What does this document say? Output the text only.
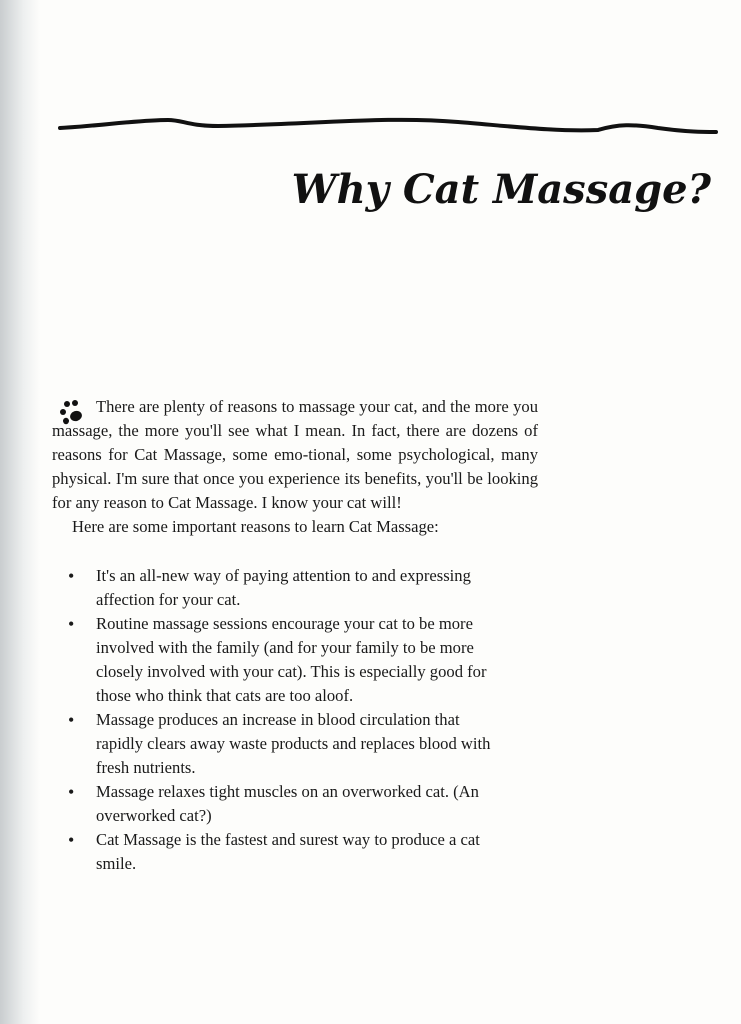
Why Cat Massage?

There are plenty of reasons to massage your cat, and the more you massage, the more you'll see what I mean. In fact, there are dozens of reasons for Cat Massage, some emo-tional, some psychological, many physical. I'm sure that once you experience its benefits, you'll be looking for any reason to Cat Massage. I know your cat will!

Here are some important reasons to learn Cat Massage:

• It's an all-new way of paying attention to and expressing affection for your cat.
• Routine massage sessions encourage your cat to be more involved with the family (and for your family to be more closely involved with your cat). This is especially good for those who think that cats are too aloof.
• Massage produces an increase in blood circulation that rapidly clears away waste products and replaces blood with fresh nutrients.
• Massage relaxes tight muscles on an overworked cat. (An overworked cat?)
• Cat Massage is the fastest and surest way to produce a cat smile.
